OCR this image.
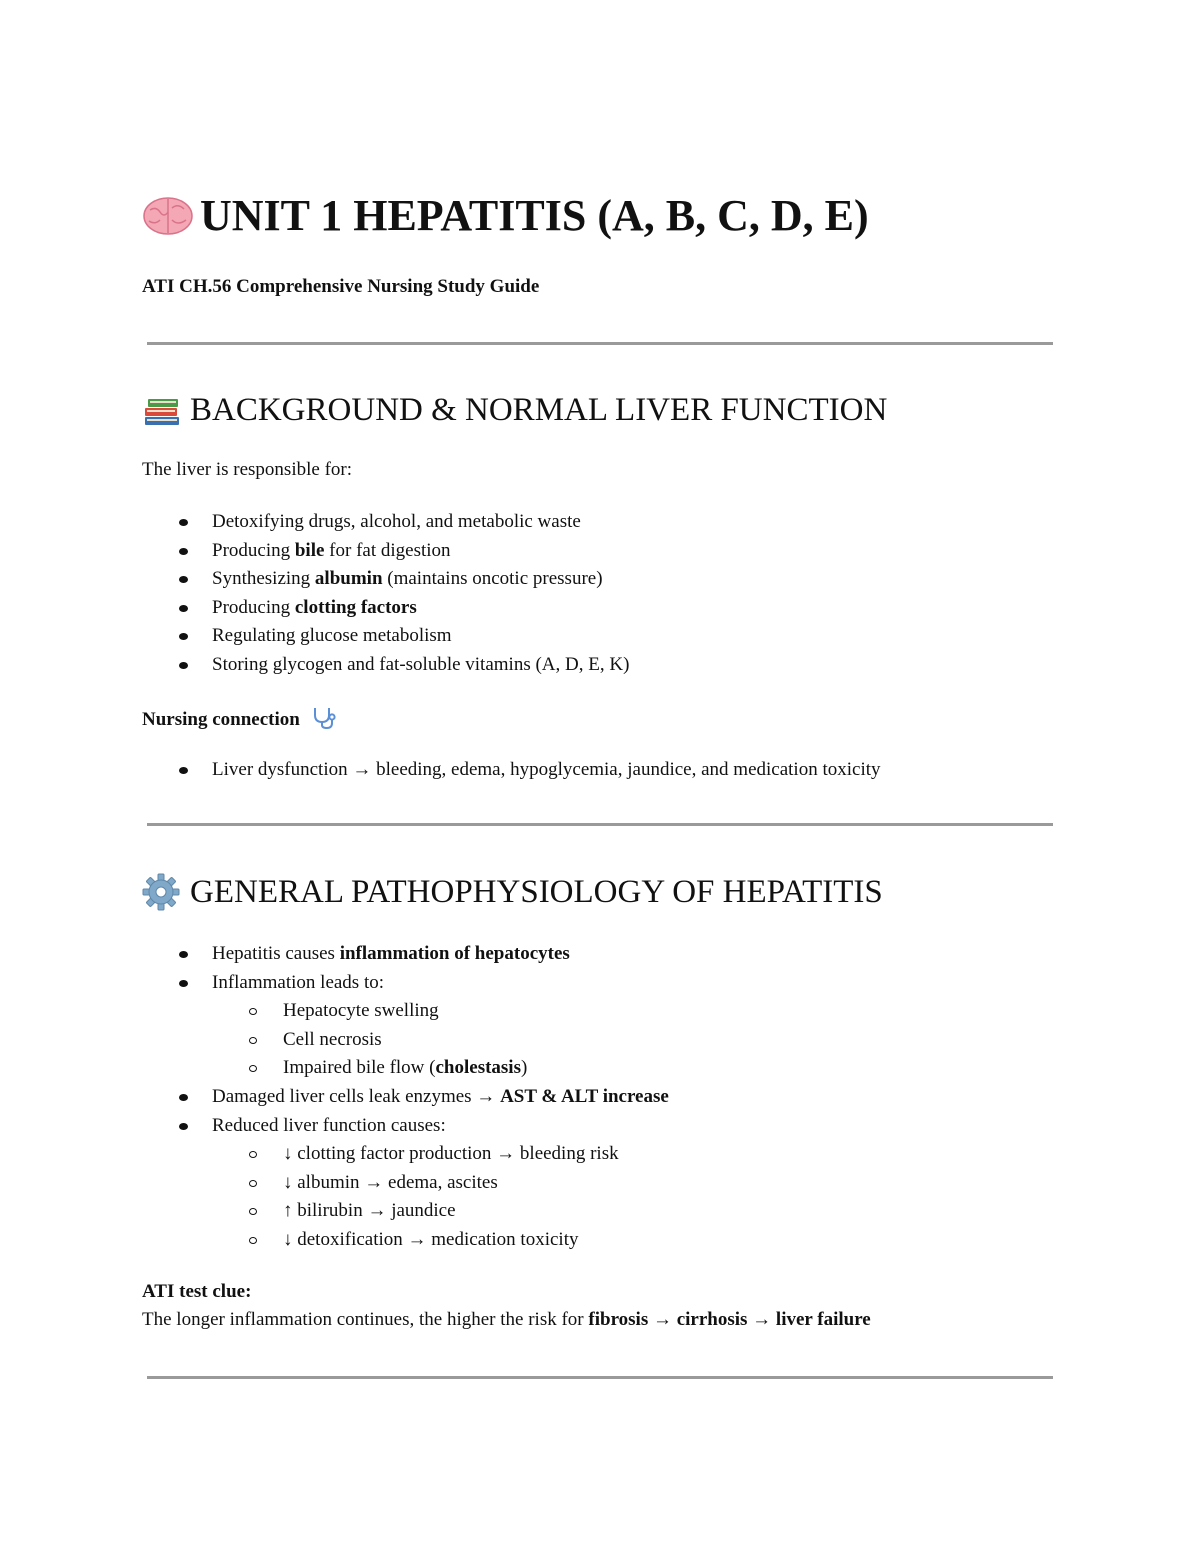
UNIT 1 HEPATITIS (A, B, C, D, E)
ATI CH.56 Comprehensive Nursing Study Guide
BACKGROUND & NORMAL LIVER FUNCTION
The liver is responsible for:
Detoxifying drugs, alcohol, and metabolic waste
Producing bile for fat digestion
Synthesizing albumin (maintains oncotic pressure)
Producing clotting factors
Regulating glucose metabolism
Storing glycogen and fat-soluble vitamins (A, D, E, K)
Nursing connection
Liver dysfunction → bleeding, edema, hypoglycemia, jaundice, and medication toxicity
GENERAL PATHOPHYSIOLOGY OF HEPATITIS
Hepatitis causes inflammation of hepatocytes
Inflammation leads to:
Hepatocyte swelling
Cell necrosis
Impaired bile flow (cholestasis)
Damaged liver cells leak enzymes → AST & ALT increase
Reduced liver function causes:
↓ clotting factor production → bleeding risk
↓ albumin → edema, ascites
↑ bilirubin → jaundice
↓ detoxification → medication toxicity
ATI test clue:
The longer inflammation continues, the higher the risk for fibrosis → cirrhosis → liver failure
